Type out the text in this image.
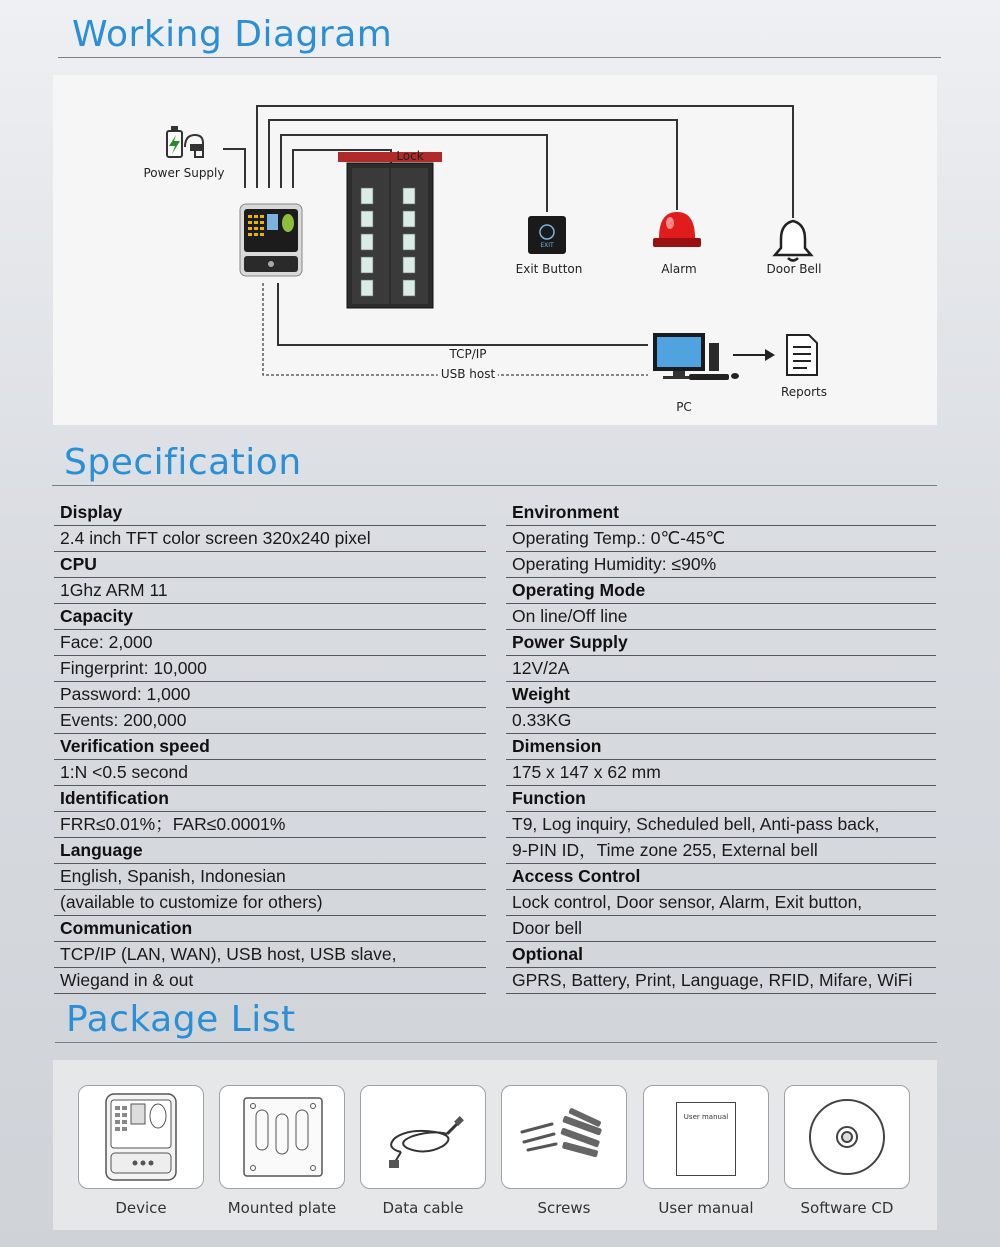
Working Diagram
EXIT
Power Supply
Lock
Exit Button	Alarm	Door Bell
TCP/IP
USB host
PC
Reports
Specification
Display
2.4 inch TFT color screen 320x240 pixel
CPU
1Ghz ARM 11
Capacity
Face: 2,000
Fingerprint: 10,000
Password: 1,000
Events: 200,000
Verification speed
1:N <0.5 second
Identification
FRR≤0.01%；FAR≤0.0001%
Language
English, Spanish, Indonesian
(available to customize for others)
Communication
TCP/IP (LAN, WAN), USB host, USB slave,
Wiegand in & out
Environment
Operating Temp.: 0℃-45℃
Operating Humidity: ≤90%
Operating Mode
On line/Off line
Power Supply
12V/2A
Weight
0.33KG
Dimension
175 x 147 x 62 mm
Function
T9, Log inquiry, Scheduled bell, Anti-pass back,
9-PIN ID，Time zone 255, External bell
Access Control
Lock control, Door sensor, Alarm, Exit button,
Door bell
Optional
GPRS, Battery, Print, Language, RFID, Mifare, WiFi
Package List
Device	Mounted plate	Data cable	Screws
User manual
User manual	Software CD
